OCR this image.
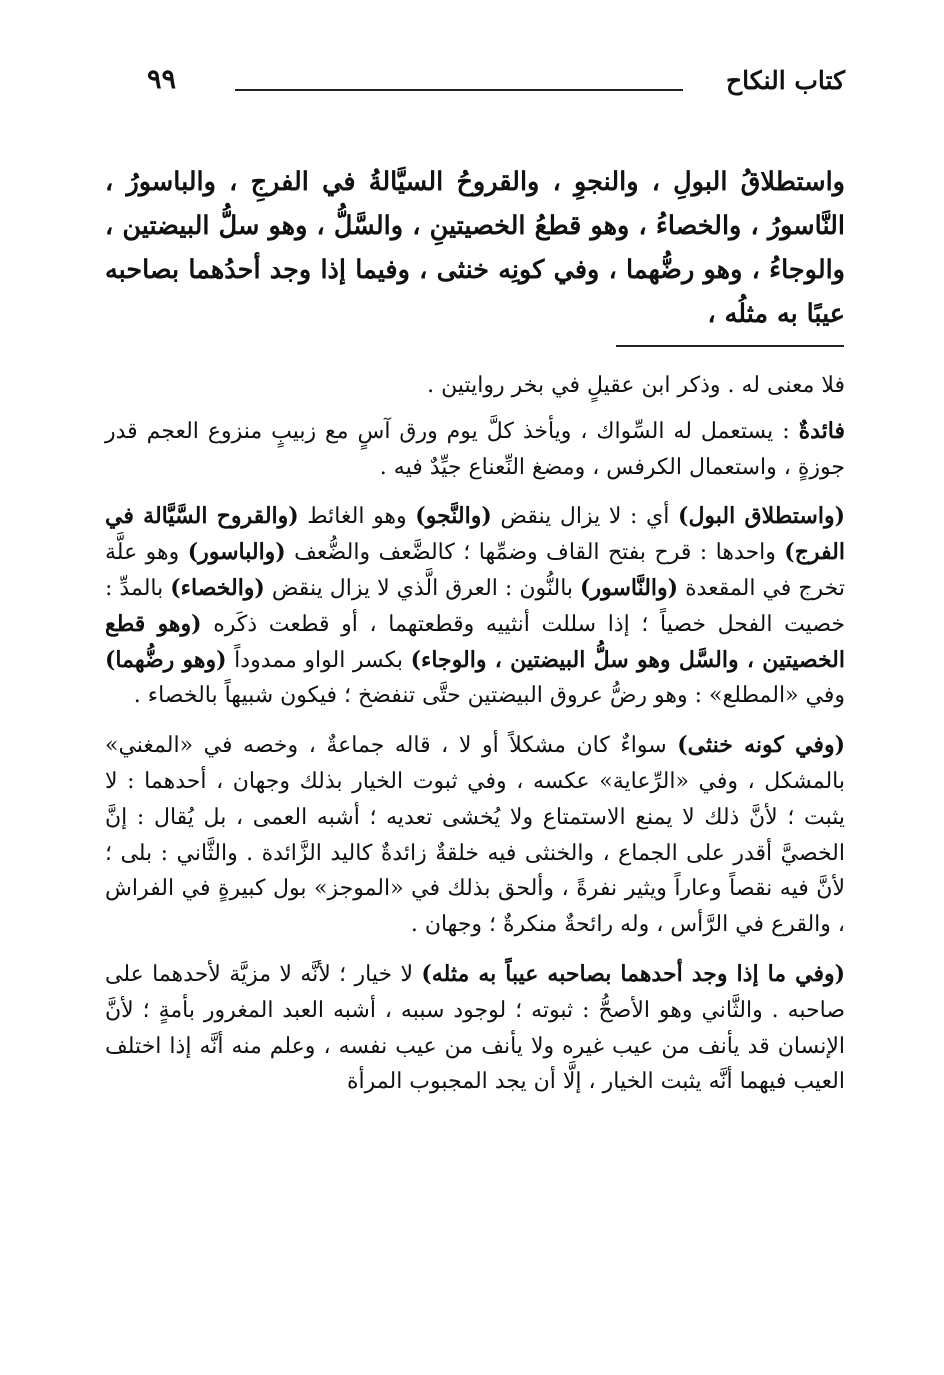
كتاب النكاح
٩٩

واستطلاقُ البولِ ، والنجوِ ، والقروحُ السيَّالةُ في الفرجِ ، والباسورُ ، النَّاسورُ ، والخصاءُ ، وهو قطعُ الخصيتينِ ، والسَّلُّ ، وهو سلُّ البيضتين ، والوجاءُ ، وهو رضُّهما ، وفي كونِه خنثى ، وفيما إذا وجد أحدُهما بصاحبه عيبًا به مثلُه ،

فلا معنى له . وذكر ابن عقيلٍ في بخر روايتين .

فائدةٌ : يستعمل له السِّواك ، ويأخذ كلَّ يوم ورق آسٍ مع زبيبٍ منزوع العجم قدر جوزةٍ ، واستعمال الكرفس ، ومضغ النِّعناع جيِّدٌ فيه .

(واستطلاق البول) أي : لا يزال ينقض (والنَّجو) وهو الغائط (والقروح السَّيَّالة في الفرج) واحدها : قرح بفتح القاف وضمِّها ؛ كالضَّعف والضُّعف (والباسور) وهو علَّة تخرج في المقعدة (والنَّاسور) بالنُّون : العرق الَّذي لا يزال ينقض (والخصاء) بالمدِّ : خصيت الفحل خصياً ؛ إذا سللت أنثييه وقطعتهما ، أو قطعت ذكَره (وهو قطع الخصيتين ، والسَّل وهو سلُّ البيضتين ، والوجاء) بكسر الواو ممدوداً (وهو رضُّهما) وفي «المطلع» : وهو رضُّ عروق البيضتين حتَّى تنفضخ ؛ فيكون شبيهاً بالخصاء .

(وفي كونه خنثى) سواءٌ كان مشكلاً أو لا ، قاله جماعةٌ ، وخصه في «المغني» بالمشكل ، وفي «الرِّعاية» عكسه ، وفي ثبوت الخيار بذلك وجهان ، أحدهما : لا يثبت ؛ لأنَّ ذلك لا يمنع الاستمتاع ولا يُخشى تعديه ؛ أشبه العمى ، بل يُقال : إنَّ الخصيَّ أقدر على الجماع ، والخنثى فيه خلقةٌ زائدةٌ كاليد الزَّائدة . والثَّاني : بلى ؛ لأنَّ فيه نقصاً وعاراً ويثير نفرةً ، وألحق بذلك في «الموجز» بول كبيرةٍ في الفراش ، والقرع في الرَّأس ، وله رائحةٌ منكرةٌ ؛ وجهان .

(وفي ما إذا وجد أحدهما بصاحبه عيباً به مثله) لا خيار ؛ لأنَّه لا مزيَّة لأحدهما على صاحبه . والثَّاني وهو الأصحُّ : ثبوته ؛ لوجود سببه ، أشبه العبد المغرور بأمةٍ ؛ لأنَّ الإنسان قد يأنف من عيب غيره ولا يأنف من عيب نفسه ، وعلم منه أنَّه إذا اختلف العيب فيهما أنَّه يثبت الخيار ، إلَّا أن يجد المجبوب المرأة
